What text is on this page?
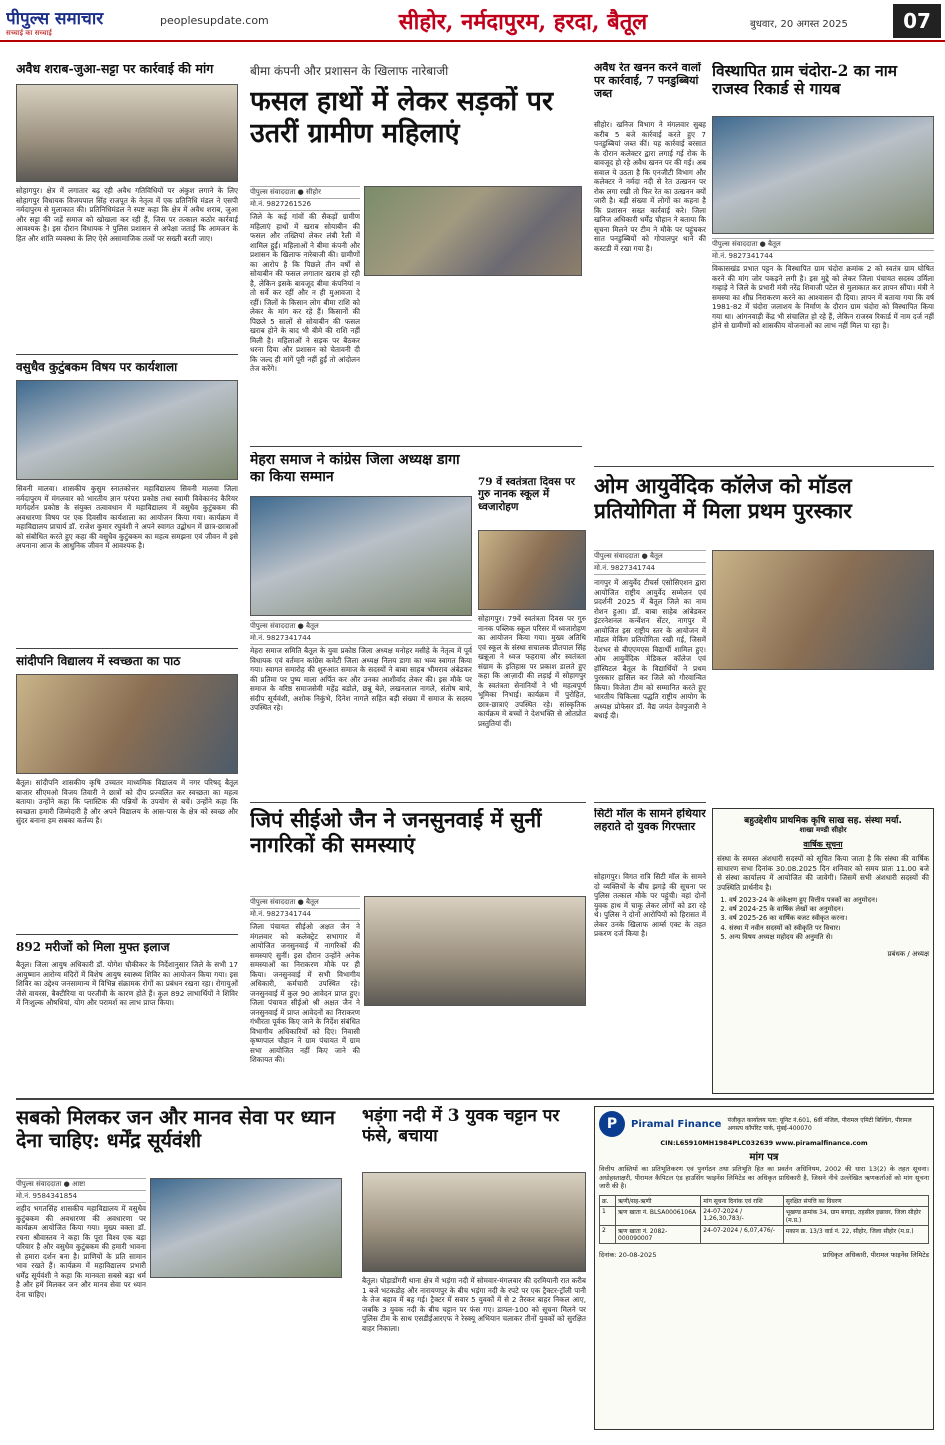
पीपुल्स समाचार
सच्चाई का सच्चाई
peoplesupdate.com	सीहोर, नर्मदापुरम, हरदा, बैतूल	बुधवार, 20 अगस्त 2025	07
अवैध शराब-जुआ-सट्टा पर कार्रवाई की मांग
सोहागपुर। क्षेत्र में लगातार बढ़ रही अवैध गतिविधियों पर अंकुश लगाने के लिए सोहागपुर विधायक विजयपाल सिंह राजपूत के नेतृत्व में एक प्रतिनिधि मंडल ने एसपी नर्मदापुरम से मुलाकात की। प्रतिनिधिमंडल ने स्पष्ट कहा कि क्षेत्र में अवैध शराब, जुआ और सट्टा की जड़ें समाज को खोखला कर रही हैं, जिस पर तत्काल कठोर कार्रवाई आवश्यक है। इस दौरान विधायक ने पुलिस प्रशासन से अपेक्षा जताई कि आमजन के हित और शांति व्यवस्था के लिए ऐसे असामाजिक तत्वों पर सख्ती बरती जाए।
वसुधैव कुटुंबकम विषय पर कार्यशाला
सिवनी मालवा। शासकीय कुसुम स्नातकोत्तर महाविद्यालय सिवनी मालवा जिला नर्मदापुरम में मंगलवार को भारतीय ज्ञान परंपरा प्रकोष्ठ तथा स्वामी विवेकानंद कैरियर मार्गदर्शन प्रकोष्ठ के संयुक्त तत्वावधान में महाविद्यालय में वसुधैव कुटुंबकम की अवधारणा विषय पर एक दिवसीय कार्यशाला का आयोजन किया गया। कार्यक्रम में महाविद्यालय प्राचार्य डॉ. राजेश कुमार रघुवंशी ने अपने स्वागत उद्बोधन में छात्र-छात्राओं को संबोधित करते हुए कहा की वसुधैव कुटुंबकम का महत्व समझना एवं जीवन में इसे अपनाना आज के आधुनिक जीवन में आवश्यक है।
सांदीपनि विद्यालय में स्वच्छता का पाठ
बैतूल। सांदीपनि शासकीय कृषि उच्चतर माध्यमिक विद्यालय में नगर परिषद् बैतूल बाजार सीएमओ विजय तिवारी ने छात्रों को दीप प्रज्वलित कर स्वच्छता का महत्व बताया। उन्होंने कहा कि प्लास्टिक की पन्नियों के उपयोग से बचें। उन्होंने कहा कि स्वच्छता हमारी जिम्मेदारी है और अपने विद्यालय के आस-पास के क्षेत्र को स्वच्छ और सुंदर बनाना हम सबका कर्तव्य है।
892 मरीजों को मिला मुफ्त इलाज
बैतूल। जिला आयुष अधिकारी डॉ. योगेश चौकीकर के निर्देशानुसार जिले के सभी 17 आयुष्मान आरोग्य मंदिरों में विशेष आयुष स्वास्थ्य शिविर का आयोजन किया गया। इस शिविर का उद्देश्य जनसामान्य में विभिन्न संक्रामक रोगों का प्रबंधन रखना रहा। रोगायुओं जैसे वायरस, बैक्टीरिया या परजीवी के कारण होते हैं। कुल 892 लाभार्थियों ने शिविर में निःशुल्क औषधियां, योग और परामर्श का लाभ प्राप्त किया।
बीमा कंपनी और प्रशासन के खिलाफ नारेबाजी
फसल हाथों में लेकर सड़कों पर उतरीं ग्रामीण महिलाएं
पीपुल्स संवाददाता ● सीहोर
मो.नं. 9827261526
जिले के कई गांवों की सैकड़ों ग्रामीण महिलाएं हाथों में खराब सोयाबीन की फसल और तख्तियां लेकर लंबी रैली में शामिल हुईं। महिलाओं ने बीमा कंपनी और प्रशासन के खिलाफ नारेबाजी की। ग्रामीणों का आरोप है कि पिछले तीन वर्षों से सोयाबीन की फसल लगातार खराब हो रही है, लेकिन इसके बावजूद बीमा कंपनियां न तो सर्वे कर रहीं और न ही मुआवजा दे रहीं। जिलों के किसान लोग बीमा राशि को लेकर के मांग कर रहे हैं। किसानों की पिछले 5 सालों से सोयाबीन की फसल खराब होने के बाद भी बीमे की राशि नहीं मिली है। महिलाओं ने सड़क पर बैठकर धरना दिया और प्रशासन को चेतावनी दी कि जल्द ही मांगें पूरी नहीं हुईं तो आंदोलन तेज करेंगे।
मेहरा समाज ने कांग्रेस जिला अध्यक्ष डागा का किया सम्मान
पीपुल्स संवाददाता ● बैतूल
मो.नं. 9827341744
मेहरा समाज समिति बैतूल के युवा प्रकोष्ठ जिला अध्यक्ष मनोहर मसीहे के नेतृत्व में पूर्व विधायक एवं वर्तमान कांग्रेस कमेटी जिला अध्यक्ष निलय डागा का भव्य स्वागत किया गया। स्वागत समारोह की शुरुआत समाज के सदस्यों ने बाबा साहब भीमराव अंबेडकर की प्रतिमा पर पुष्प माला अर्पित कर और उनका आशीर्वाद लेकर की। इस मौके पर समाज के वरिष्ठ समाजसेवी महेंद्र बडोले, छन्नू बेले, लखनलाल नागले, संतोष बाचे, संदीप सूर्यवंशी, अशोक निकुंभे, दिनेश नागले सहित बड़ी संख्या में समाज के सदस्य उपस्थित रहे।
79 वें स्वतंत्रता दिवस पर गुरु नानक स्कूल में ध्वजारोहण
सोहागपुर। 79वें स्वतंत्रता दिवस पर गुरु नानक पब्लिक स्कूल परिसर में ध्वजारोहण का आयोजन किया गया। मुख्य अतिथि एवं स्कूल के संस्था सचालक प्रीतपाल सिंह खन्नूजा ने ध्वज फहराया और स्वतंत्रता संग्राम के इतिहास पर प्रकाश डालते हुए कहा कि आज़ादी की लड़ाई में सोहागपुर के स्वतंत्रता सेनानियों ने भी महत्वपूर्ण भूमिका निभाई। कार्यक्रम में पुरोहित, छात्र-छात्राएं उपस्थित रहे। सांस्कृतिक कार्यक्रम में बच्चों ने देशभक्ति से ओतप्रोत प्रस्तुतियां दीं।
जिपं सीईओ जैन ने जनसुनवाई में सुनीं नागरिकों की समस्याएं
पीपुल्स संवाददाता ● बैतूल
मो.नं. 9827341744
जिला पंचायत सीईओ अक्षत जैन ने मंगलवार को कलेक्ट्रेट सभागार में आयोजित जनसुनवाई में नागरिकों की समस्याएं सुनीं। इस दौरान उन्होंने अनेक समस्याओं का निराकरण मौके पर ही किया। जनसुनवाई में सभी विभागीय अधिकारी, कर्मचारी उपस्थित रहे। जनसुनवाई में कुल 90 आवेदन प्राप्त हुए। जिला पंचायत सीईओ श्री अक्षत जैन ने जनसुनवाई में प्राप्त आवेदनों का निराकरण गंभीरता पूर्वक किए जाने के निर्देश संबंधित विभागीय अधिकारियों को दिए। निवासी कृष्णपाल चौहान ने ग्राम पंचायत में ग्राम सभा आयोजित नहीं किए जाने की शिकायत की।
अवैध रेत खनन करने वालों पर कार्रवाई, 7 पनडुब्बियां जब्त
सीहोर। खनिज विभाग ने मंगलवार सुबह करीब 5 बजे कार्रवाई करते हुए 7 पनडुब्बियां जब्त कीं। यह कार्रवाई बरसात के दौरान कलेक्टर द्वारा लगाई गई रोक के बावजूद हो रहे अवैध खनन पर की गई। अब सवाल ये उठता है कि एनजीटी विभाग और कलेक्टर ने नर्मदा नदी से रेत उत्खनन पर रोक लगा रखी तो फिर रेत का उत्खनन क्यों जारी है। बड़ी संख्या में लोगों का कहना है कि प्रशासन सख्त कार्रवाई करे। जिला खनिज अधिकारी धर्मेंद्र चौहान ने बताया कि सूचना मिलने पर टीम ने मौके पर पहुंचकर सात पनडुब्बियों को गोपालपुर थाने की कस्टडी में रखा गया है।
विस्थापित ग्राम चंदोरा-2 का नाम राजस्व रिकार्ड से गायब
पीपुल्स संवाददाता ● बैतूल
मो.नं. 9827341744
विकासखंड प्रभात पट्टन के विस्थापित ग्राम चंदोरा क्रमांक 2 को स्वतंत्र ग्राम घोषित करने की मांग जोर पकड़ने लगी है। इस मुद्दे को लेकर जिला पंचायत सदस्य उर्मिला गव्हाड़े ने जिले के प्रभारी मंत्री नरेंद्र शिवाजी पटेल से मुलाकात कर ज्ञापन सौंपा। मंत्री ने समस्या का शीघ्र निराकरण करने का आश्वासन दी दिया। ज्ञापन में बताया गया कि वर्ष 1981-82 में चंदोरा जलाशय के निर्माण के दौरान ग्राम चंदोरा को विस्थापित किया गया था। आंगनवाड़ी केंद्र भी संचालित हो रहे हैं, लेकिन राजस्व रिकार्ड में नाम दर्ज नहीं होने से ग्रामीणों को शासकीय योजनाओं का लाभ नहीं मिल पा रहा है।
ओम आयुर्वेदिक कॉलेज को मॉडल प्रतियोगिता में मिला प्रथम पुरस्कार
पीपुल्स संवाददाता ● बैतूल
मो.नं. 9827341744
नागपुर में आयुर्वेद टीचर्स एसोसिएशन द्वारा आयोजित राष्ट्रीय आयुर्वेद सम्मेलन एवं प्रदर्शनी 2025 में बैतूल जिले का नाम रोशन हुआ। डॉ. बाबा साहेब आंबेडकर इंटरनेशनल कन्वेंशन सेंटर, नागपुर में आयोजित इस राष्ट्रीय स्तर के आयोजन में मॉडल मेकिंग प्रतियोगिता रखी गई, जिसमें देशभर से बीएएमएस विद्यार्थी शामिल हुए। ओम आयुर्वेदिक मेडिकल कॉलेज एवं हॉस्पिटल बैतूल के विद्यार्थियों ने प्रथम पुरस्कार हासिल कर जिले को गौरवान्वित किया। विजेता टीम को सम्मानित करते हुए भारतीय चिकित्सा पद्धति राष्ट्रीय आयोग के अध्यक्ष प्रोफेसर डॉ. वैद्य जयंत देवपुजारी ने बधाई दी।
सिटी मॉल के सामने हथियार लहराते दो युवक गिरफ्तार
सोहागपुर। विगत रात्रि सिटी मॉल के सामने दो व्यक्तियों के बीच झगड़े की सूचना पर पुलिस तत्काल मौके पर पहुंची। वहां दोनों युवक हाथ में चाकू लेकर लोगों को डरा रहे थे। पुलिस ने दोनों आरोपियों को हिरासत में लेकर उनके खिलाफ आर्म्स एक्ट के तहत प्रकरण दर्ज किया है।
बहुउद्देशीय प्राथमिक कृषि साख सह. संस्था मर्या.
शाखा मण्डी सीहोर
वार्षिक सूचना
संस्था के समस्त अंशधारी सदस्यों को सूचित किया जाता है कि संस्था की वार्षिक साधारण सभा दिनांक 30.08.2025 दिन शनिवार को समय प्रातः 11.00 बजे से संस्था कार्यालय में आयोजित की जावेगी। जिसमें सभी अंशधारी सदस्यों की उपस्थिति प्रार्थनीय है।
1. वर्ष 2023-24 के अंकेक्षण हुए वित्तीय पत्रकों का अनुमोदन।
2. वर्ष 2024-25 के वार्षिक लेखों का अनुमोदन।
3. वर्ष 2025-26 का वार्षिक बजट स्वीकृत करना।
4. संस्था में नवीन सदस्यों को स्वीकृति पर विचार।
5. अन्य विषय अध्यक्ष महोदय की अनुमति से।
प्रबंधक / अध्यक्ष
सबको मिलकर जन और मानव सेवा पर ध्यान देना चाहिए: धर्मेंद्र सूर्यवंशी
पीपुल्स संवाददाता ● आष्टा
मो.नं. 9584341854
शहीद भगतसिंह शासकीय महाविद्यालय में वसुधैव कुटुंबकम की अवधारणा की अवधारणा पर कार्यक्रम आयोजित किया गया। मुख्य वक्ता डॉ. रचना श्रीवास्तव ने कहा कि पूरा विश्व एक बड़ा परिवार है और वसुधैव कुटुंबकम की हमारी भावना से हमारा दर्शन बना है। प्राणियों के प्रति सामान भाव रखते हैं। कार्यक्रम में महाविद्यालय प्रभारी धर्मेंद्र सूर्यवंशी ने कहा कि मानवता सबसे बड़ा धर्म है और हमें मिलकर जन और मानव सेवा पर ध्यान देना चाहिए।
भड़ंगा नदी में 3 युवक चट्टान पर फंसे, बचाया
बैतूल। घोड़ाडोंगरी थाना क्षेत्र में भड़ंगा नदी में सोमवार-मंगलवार की दरमियानी रात करीब 1 बजे भटकडोह और नारायणपुर के बीच भड़ंगा नदी के रपटे पर एक ट्रैक्टर-ट्रॉली पानी के तेज बहाव में बह गई। ट्रैक्टर में सवार 5 युवकों में से 2 तैरकर बाहर निकल आए, जबकि 3 युवक नदी के बीच चट्टान पर फंस गए। डायल-100 को सूचना मिलने पर पुलिस टीम के साथ एसडीईआरएफ ने रेस्क्यू अभियान चलाकर तीनों युवकों को सुरक्षित बाहर निकाला।
P	Piramal Finance पंजीकृत कार्यालय पता: यूनिट नं.601, 6वीं मंजिल, पीरामल एमिटी बिल्डिंग, पीरामल अगस्त्य कॉर्पोरेट पार्क, मुंबई-400070
CIN:L65910MH1984PLC032639 www.piramalfinance.com
मांग पत्र
वित्तीय आस्तियों का प्रतिभूतिकरण एवं पुनर्गठन तथा प्रतिभूति हित का प्रवर्तन अधिनियम, 2002 की धारा 13(2) के तहत सूचना। अधोहस्ताक्षरी, पीरामल कैपिटल एंड हाउसिंग फाइनेंस लिमिटेड का अधिकृत प्राधिकारी है, जिसने नीचे उल्लेखित ऋणकर्ताओं को मांग सूचना जारी की है।
क्र.	ऋणी/सह-ऋणी	मांग सूचना दिनांक एवं राशि	सुरक्षित संपत्ति का विवरण
1	ऋण खाता नं. BLSA0006106A	24-07-2024 / 1,26,30,783/-	भूखण्ड क्रमांक 34, ग्राम बागड़ा, तहसील इछावर, जिला सीहोर (म.प्र.)
2	ऋण खाता नं. 2082-000090007	24-07-2024 / 6,07,476/-	मकान क्र. 13/3 वार्ड नं. 22, सीहोर, जिला सीहोर (म.प्र.)
दिनांक: 20-08-2025	प्राधिकृत अधिकारी, पीरामल फाइनेंस लिमिटेड
